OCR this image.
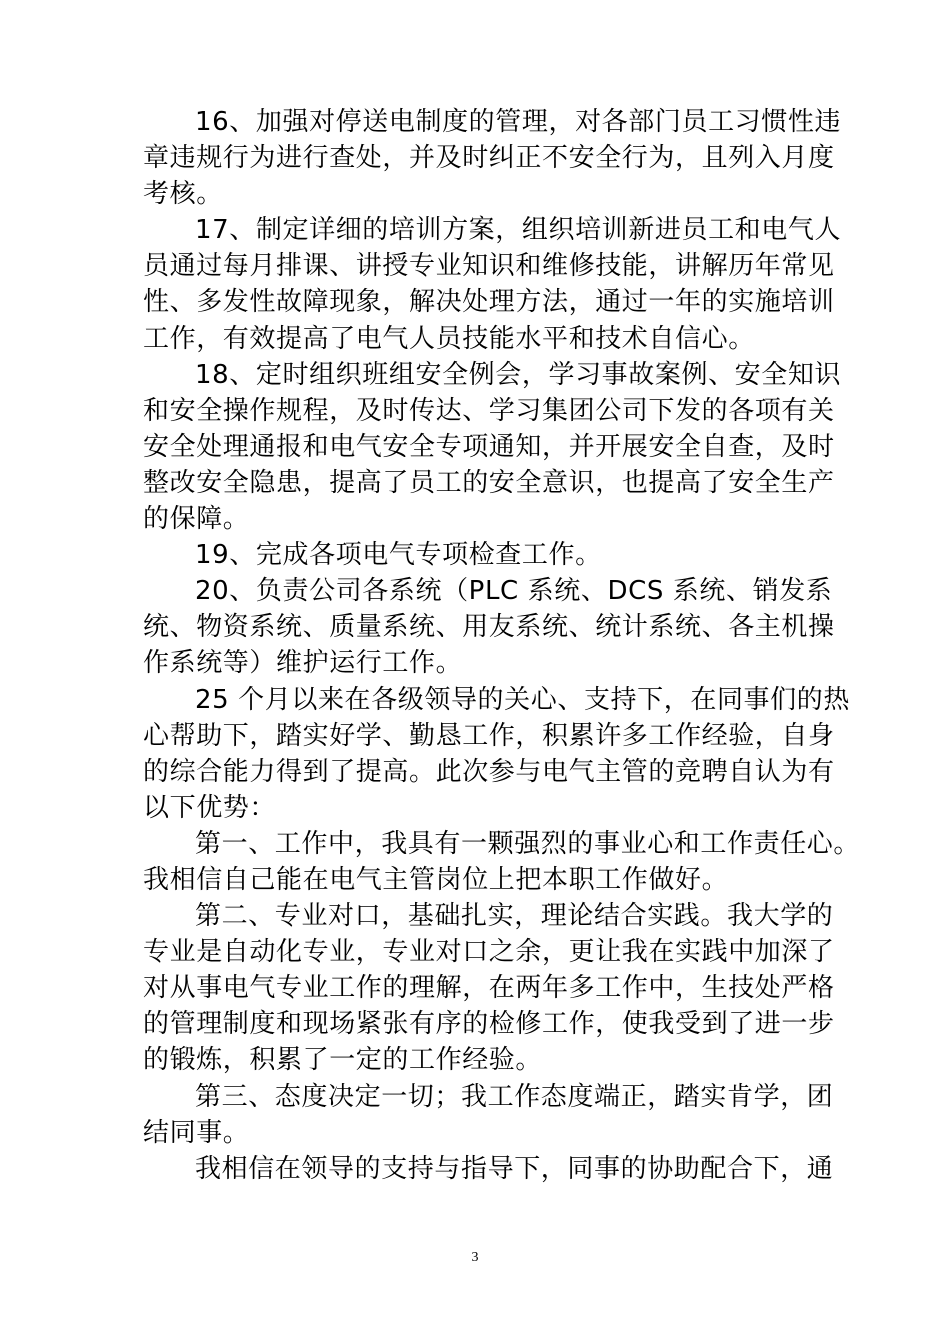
16、加强对停送电制度的管理，对各部门员工习惯性违
章违规行为进行查处，并及时纠正不安全行为，且列入月度
考核。
17、制定详细的培训方案，组织培训新进员工和电气人
员通过每月排课、讲授专业知识和维修技能，讲解历年常见
性、多发性故障现象，解决处理方法，通过一年的实施培训
工作，有效提高了电气人员技能水平和技术自信心。
18、定时组织班组安全例会，学习事故案例、安全知识
和安全操作规程，及时传达、学习集团公司下发的各项有关
安全处理通报和电气安全专项通知，并开展安全自查，及时
整改安全隐患，提高了员工的安全意识，也提高了安全生产
的保障。
19、完成各项电气专项检查工作。
20、负责公司各系统（PLC 系统、DCS 系统、销发系
统、物资系统、质量系统、用友系统、统计系统、各主机操
作系统等）维护运行工作。
25 个月以来在各级领导的关心、支持下，在同事们的热
心帮助下，踏实好学、勤恳工作，积累许多工作经验，自身
的综合能力得到了提高。此次参与电气主管的竞聘自认为有
以下优势：
第一、工作中，我具有一颗强烈的事业心和工作责任心。
我相信自己能在电气主管岗位上把本职工作做好。
第二、专业对口，基础扎实，理论结合实践。我大学的
专业是自动化专业，专业对口之余，更让我在实践中加深了
对从事电气专业工作的理解，在两年多工作中，生技处严格
的管理制度和现场紧张有序的检修工作，使我受到了进一步
的锻炼，积累了一定的工作经验。
第三、态度决定一切；我工作态度端正，踏实肯学，团
结同事。
我相信在领导的支持与指导下，同事的协助配合下，通
3
